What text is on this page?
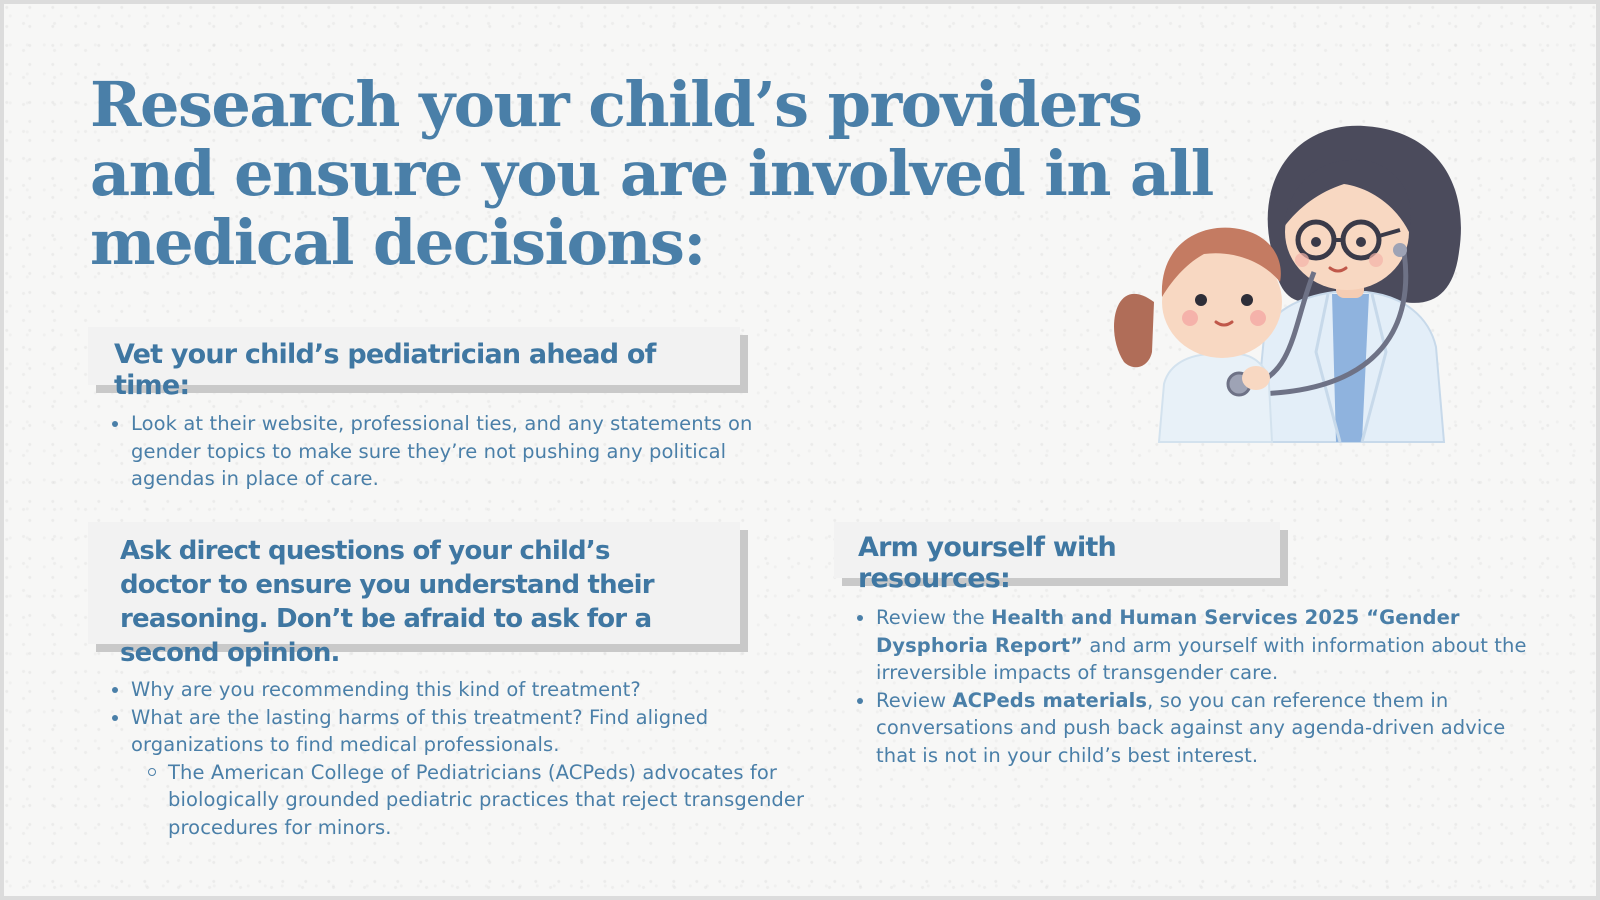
Research your child’s providers and ensure you are involved in all medical decisions:
Vet your child’s pediatrician ahead of time:
Look at their website, professional ties, and any statements on gender topics to make sure they’re not pushing any political agendas in place of care.
Ask direct questions of your child’s doctor to ensure you understand their reasoning. Don’t be afraid to ask for a second opinion.
Why are you recommending this kind of treatment?
What are the lasting harms of this treatment? Find aligned organizations to find medical professionals.
The American College of Pediatricians (ACPeds) advocates for biologically grounded pediatric practices that reject transgender procedures for minors.
Arm yourself with resources:
Review the Health and Human Services 2025 “Gender Dysphoria Report” and arm yourself with information about the irreversible impacts of transgender care.
Review ACPeds materials, so you can reference them in conversations and push back against any agenda-driven advice that is not in your child’s best interest.
